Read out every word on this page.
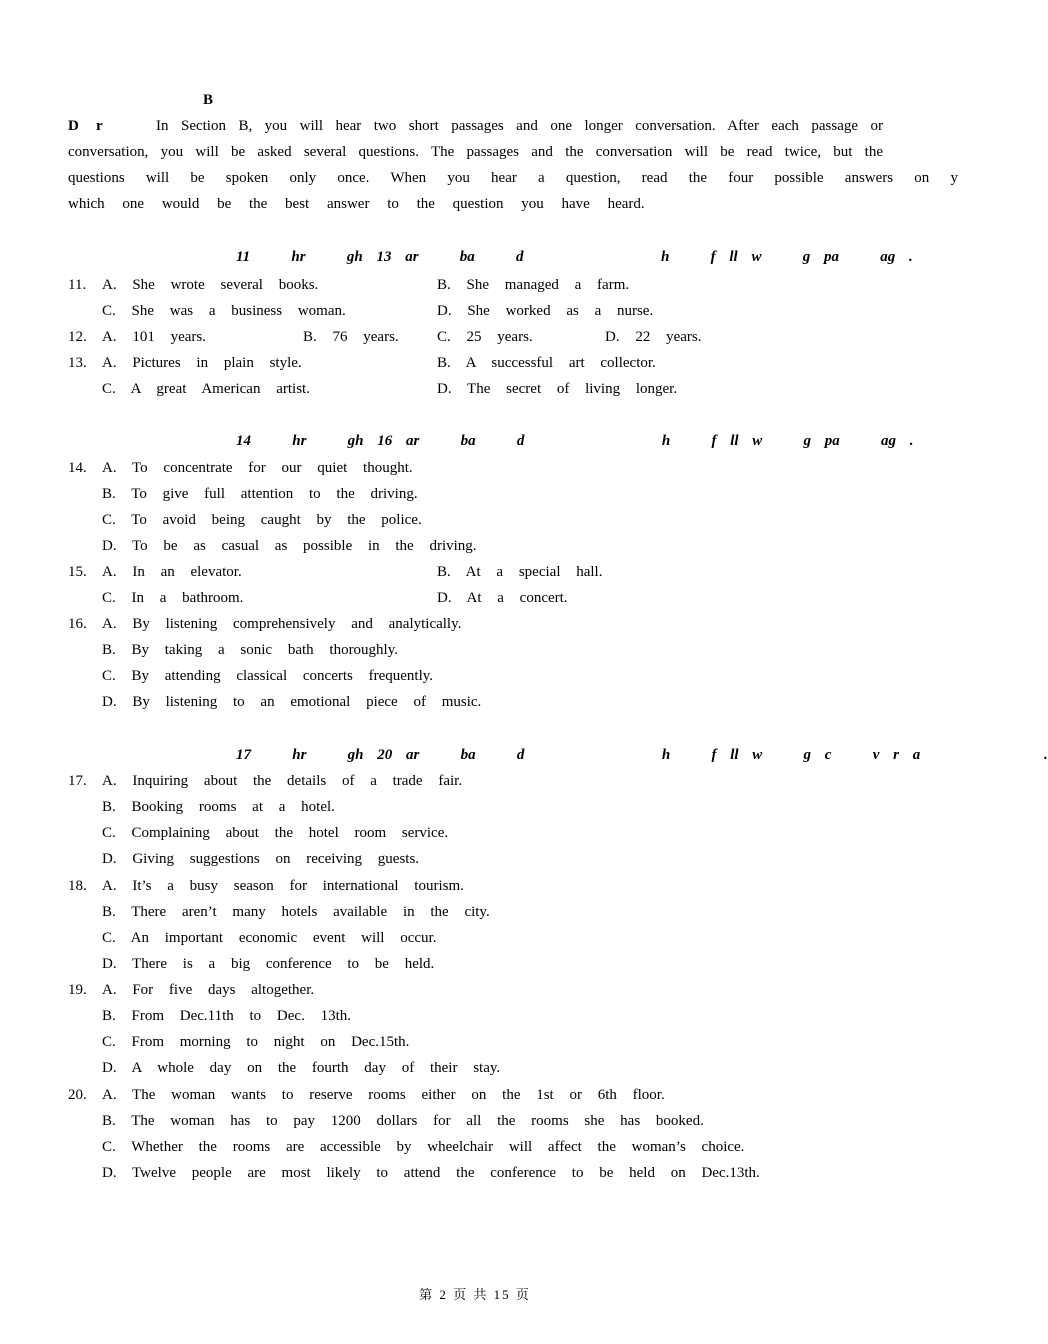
B
D r	In Section B, you will hear two short passages and one longer conversation. After each passage or
conversation, you will be asked several questions. The passages and the conversation will be read twice, but the
questions will be spoken only once. When you hear a question, read the four possible answers on y
which one would be the best answer to the question you have heard.
11   hr   gh 13 ar   ba   d          h   f ll w   g pa   ag .
11. A. She wrote several books.	B. She managed a farm.
C. She was a business woman.	D. She worked as a nurse.
12. A. 101 years.	B. 76 years.	C. 25 years.	D. 22 years.
13. A. Pictures in plain style.	B. A successful art collector.
C. A great American artist.	D. The secret of living longer.
14   hr   gh 16 ar   ba   d          h   f ll w   g pa   ag .
14. A. To concentrate for our quiet thought.
B. To give full attention to the driving.
C. To avoid being caught by the police.
D. To be as casual as possible in the driving.
15. A. In an elevator.	B. At a special hall.
C. In a bathroom.	D. At a concert.
16. A. By listening comprehensively and analytically.
B. By taking a sonic bath thoroughly.
C. By attending classical concerts frequently.
D. By listening to an emotional piece of music.
17   hr   gh 20 ar   ba   d          h   f ll w   g c   v r a         .
17. A. Inquiring about the details of a trade fair.
B. Booking rooms at a hotel.
C. Complaining about the hotel room service.
D. Giving suggestions on receiving guests.
18. A. It’s a busy season for international tourism.
B. There aren’t many hotels available in the city.
C. An important economic event will occur.
D. There is a big conference to be held.
19. A. For five days altogether.
B. From Dec.11th to Dec. 13th.
C. From morning to night on Dec.15th.
D. A whole day on the fourth day of their stay.
20. A. The woman wants to reserve rooms either on the 1st or 6th floor.
B. The woman has to pay 1200 dollars for all the rooms she has booked.
C. Whether the rooms are accessible by wheelchair will affect the woman’s choice.
D. Twelve people are most likely to attend the conference to be held on Dec.13th.
第 2 页 共 15 页
